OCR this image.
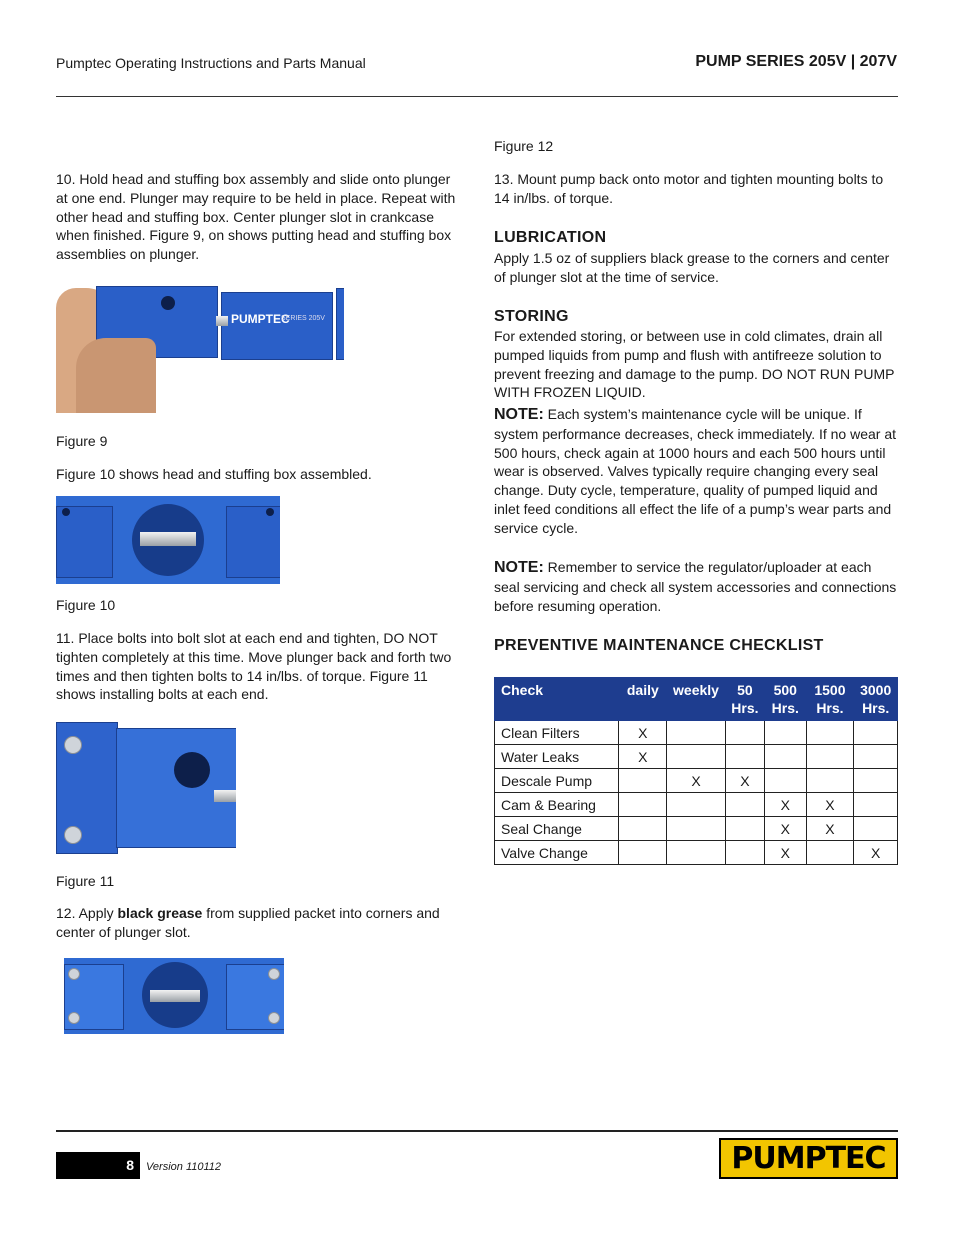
Pumptec Operating Instructions and Parts Manual	PUMP SERIES 205V | 207V
10. Hold head and stuffing box assembly and slide onto plunger at one end. Plunger may require to be held in place. Repeat with other head and stuffing box. Center plunger slot in crankcase when finished. Figure 9, on shows putting head and stuffing box assemblies on plunger.
PUMPTEC
SERIES 205V
Figure 9
Figure 10 shows head and stuffing box assembled.
Figure 10
11. Place bolts into bolt slot at each end and tighten, DO NOT tighten completely at this time. Move plunger back and forth two times and then tighten bolts to 14 in/lbs. of torque. Figure 11 shows installing bolts at each end.
Figure 11
12. Apply black grease from supplied packet into corners and center of plunger slot.
Figure 12
13. Mount pump back onto motor and tighten mounting bolts to 14 in/lbs. of torque.
LUBRICATION
Apply 1.5 oz of suppliers black grease to the corners and center of plunger slot at the time of service.
STORING
For extended storing, or between use in cold climates, drain all pumped liquids from pump and flush with antifreeze solution to prevent freezing and damage to the pump. DO NOT RUN PUMP WITH FROZEN LIQUID.
NOTE: Each system’s maintenance cycle will be unique. If system performance decreases, check immediately. If no wear at 500 hours, check again at 1000 hours and each 500 hours until wear is observed. Valves typically require changing every seal change. Duty cycle, temperature, quality of pumped liquid and inlet feed conditions all effect the life of a pump’s wear parts and service cycle.
NOTE: Remember to service the regulator/uploader at each seal servicing and check all system accessories and connections before resuming operation.
PREVENTIVE MAINTENANCE CHECKLIST
Check	daily	weekly	50 Hrs.	500 Hrs.	1500 Hrs.	3000 Hrs.
Clean Filters	X					
Water Leaks	X					
Descale Pump		X	X			
Cam & Bearing				X	X	
Seal Change				X	X	
Valve Change				X		X
8	Version 110112	PUMPTEC
